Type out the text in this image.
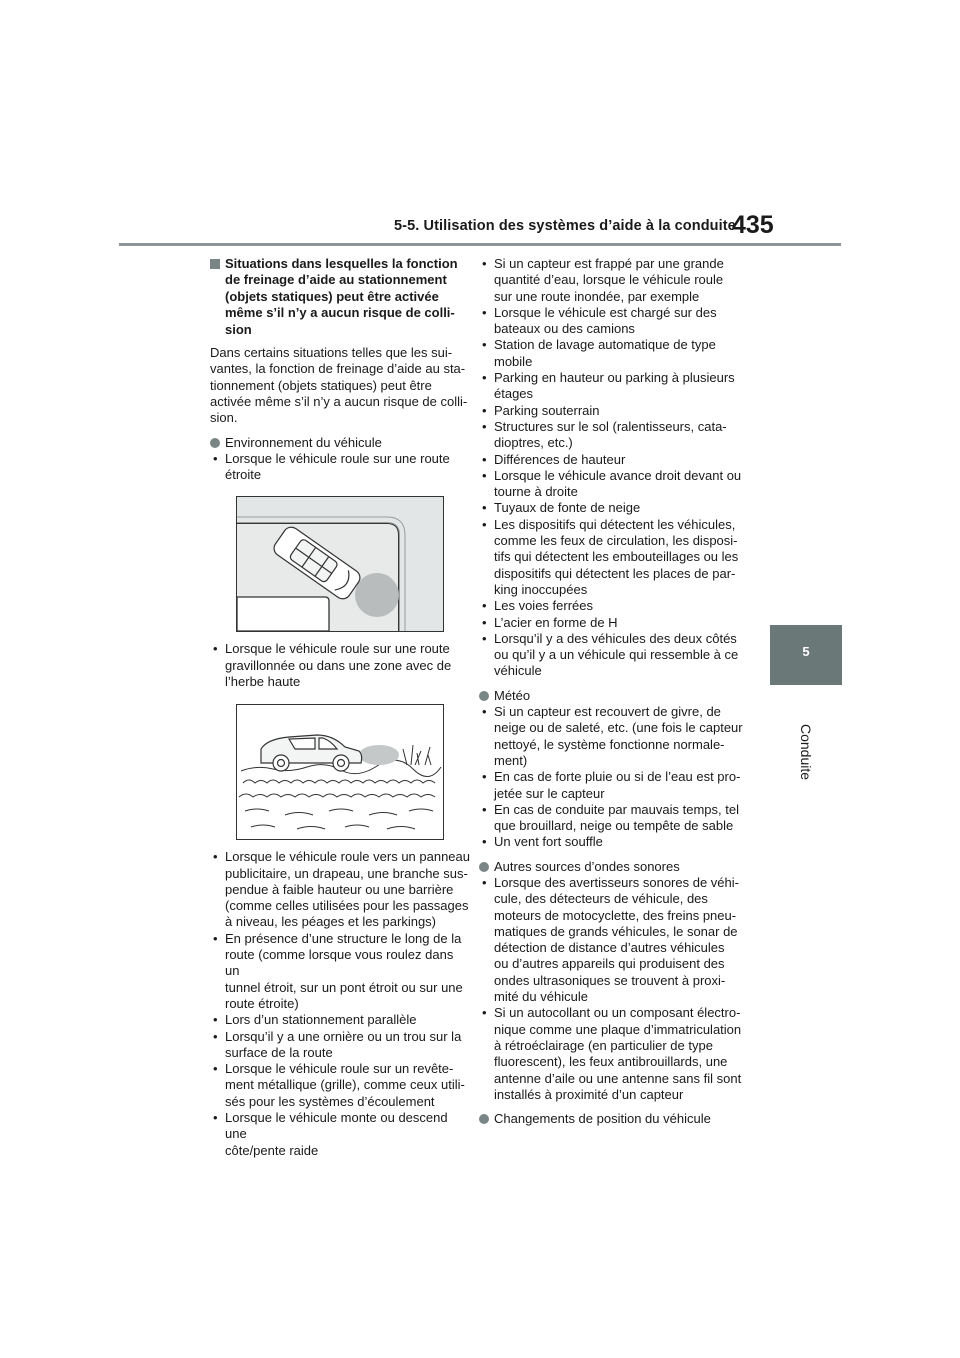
435
5-5. Utilisation des systèmes d’aide à la conduite
5
Conduite
Situations dans lesquelles la fonction
de freinage d’aide au stationnement
(objets statiques) peut être activée
même s’il n’y a aucun risque de colli-
sion

Dans certains situations telles que les sui-
vantes, la fonction de freinage d’aide au sta-
tionnement (objets statiques) peut être
activée même s’il n’y a aucun risque de colli-
sion.

Environnement du véhicule
• Lorsque le véhicule roule sur une route
étroite
• Lorsque le véhicule roule sur une route
gravillonnée ou dans une zone avec de
l’herbe haute
• Lorsque le véhicule roule vers un panneau
publicitaire, un drapeau, une branche sus-
pendue à faible hauteur ou une barrière
(comme celles utilisées pour les passages
à niveau, les péages et les parkings)
• En présence d’une structure le long de la
route (comme lorsque vous roulez dans un
tunnel étroit, sur un pont étroit ou sur une
route étroite)
• Lors d’un stationnement parallèle
• Lorsqu’il y a une ornière ou un trou sur la
surface de la route
• Lorsque le véhicule roule sur un revête-
ment métallique (grille), comme ceux utili-
sés pour les systèmes d’écoulement
• Lorsque le véhicule monte ou descend une
côte/pente raide
• Si un capteur est frappé par une grande
quantité d’eau, lorsque le véhicule roule
sur une route inondée, par exemple
• Lorsque le véhicule est chargé sur des
bateaux ou des camions
• Station de lavage automatique de type
mobile
• Parking en hauteur ou parking à plusieurs
étages
• Parking souterrain
• Structures sur le sol (ralentisseurs, cata-
dioptres, etc.)
• Différences de hauteur
• Lorsque le véhicule avance droit devant ou
tourne à droite
• Tuyaux de fonte de neige
• Les dispositifs qui détectent les véhicules,
comme les feux de circulation, les disposi-
tifs qui détectent les embouteillages ou les
dispositifs qui détectent les places de par-
king inoccupées
• Les voies ferrées
• L’acier en forme de H
• Lorsqu’il y a des véhicules des deux côtés
ou qu’il y a un véhicule qui ressemble à ce
véhicule
Météo
• Si un capteur est recouvert de givre, de
neige ou de saleté, etc. (une fois le capteur
nettoyé, le système fonctionne normale-
ment)
• En cas de forte pluie ou si de l’eau est pro-
jetée sur le capteur
• En cas de conduite par mauvais temps, tel
que brouillard, neige ou tempête de sable
• Un vent fort souffle
Autres sources d’ondes sonores
• Lorsque des avertisseurs sonores de véhi-
cule, des détecteurs de véhicule, des
moteurs de motocyclette, des freins pneu-
matiques de grands véhicules, le sonar de
détection de distance d’autres véhicules
ou d’autres appareils qui produisent des
ondes ultrasoniques se trouvent à proxi-
mité du véhicule
• Si un autocollant ou un composant électro-
nique comme une plaque d’immatriculation
à rétroéclairage (en particulier de type
fluorescent), les feux antibrouillards, une
antenne d’aile ou une antenne sans fil sont
installés à proximité d’un capteur
Changements de position du véhicule
